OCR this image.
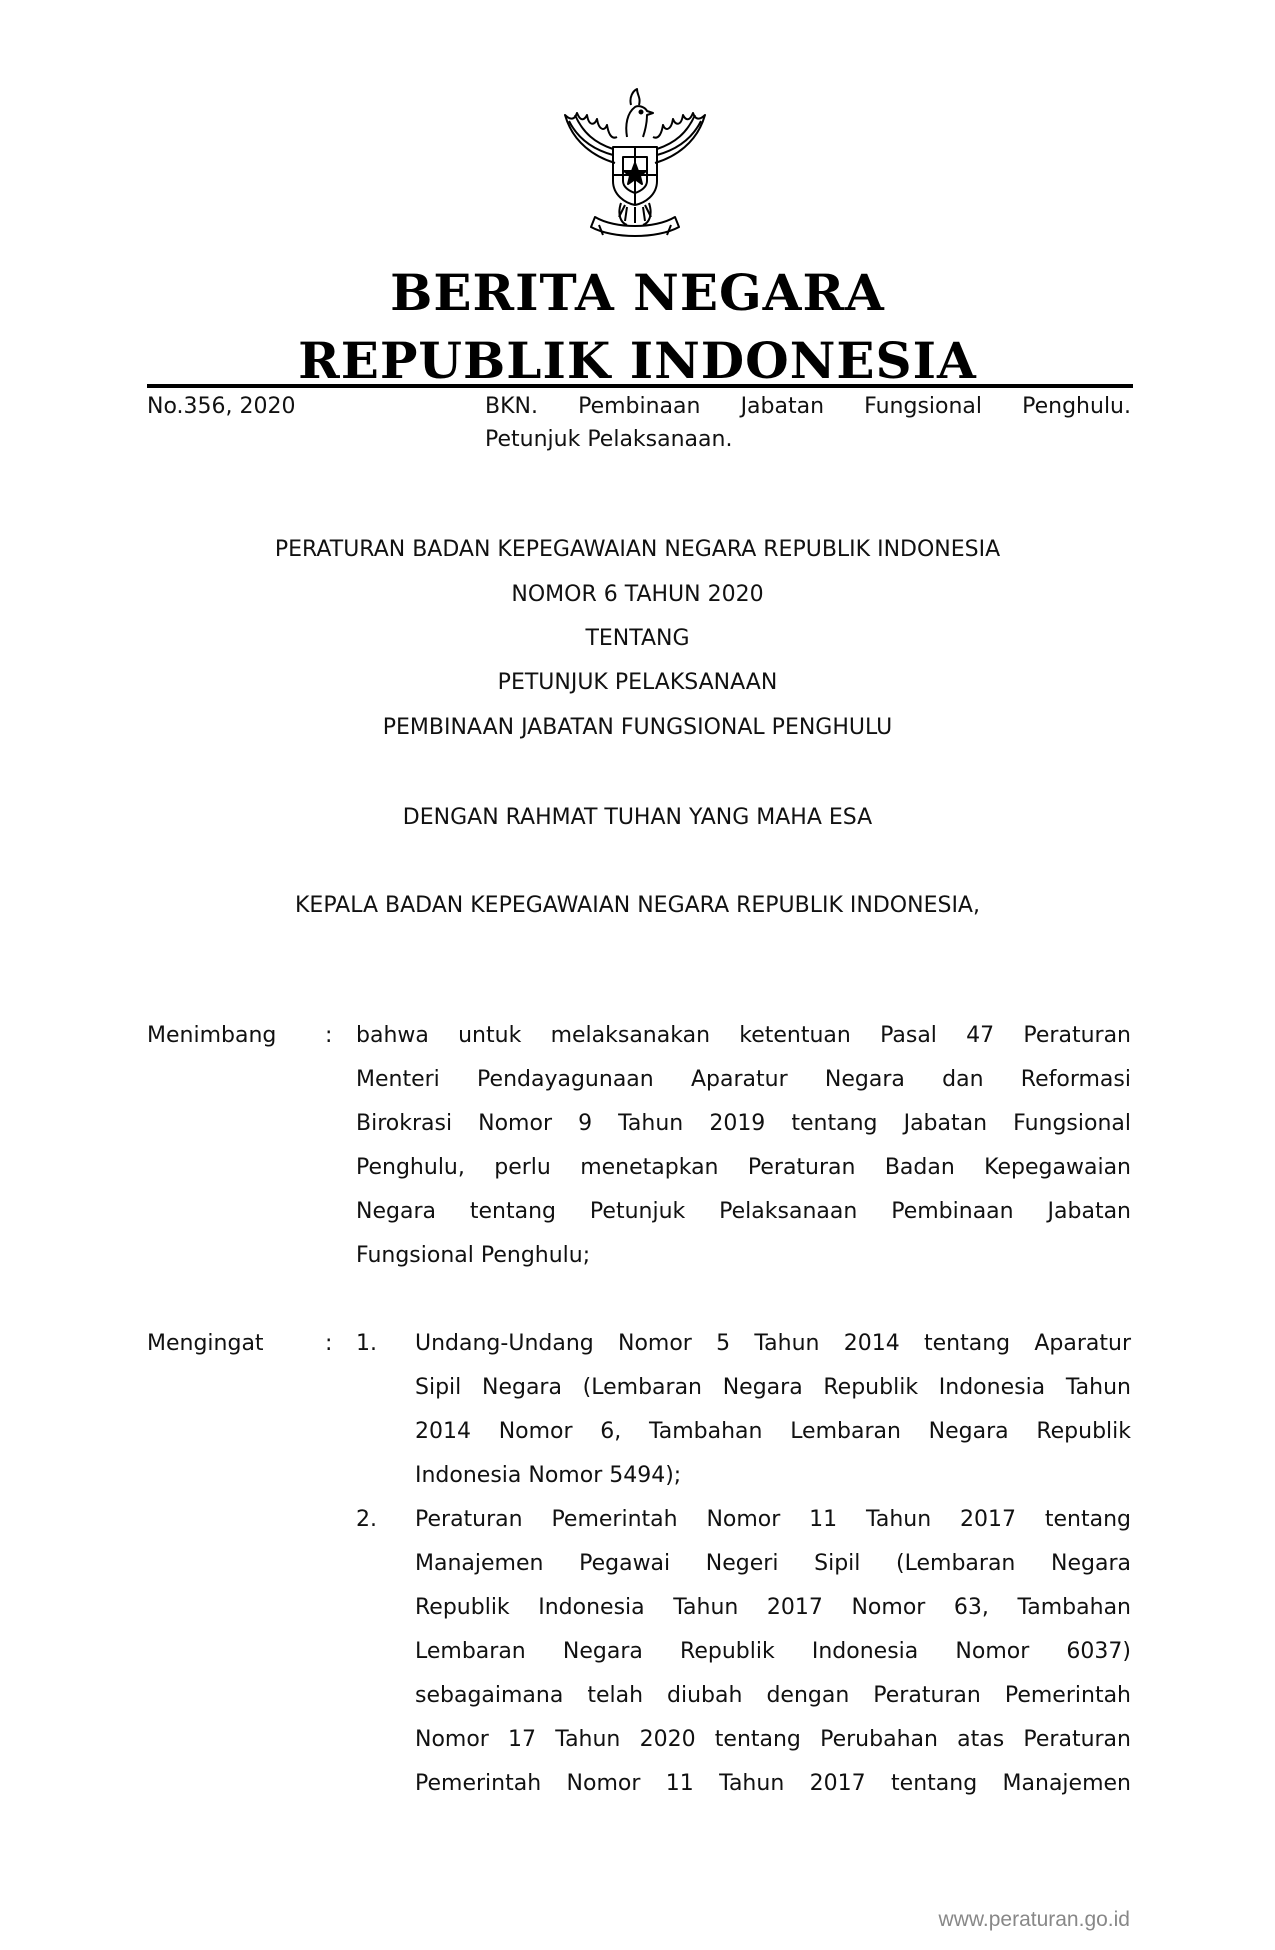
BERITA NEGARA
REPUBLIK INDONESIA
No.356, 2020	BKN. Pembinaan Jabatan Fungsional Penghulu.
Petunjuk Pelaksanaan.
PERATURAN BADAN KEPEGAWAIAN NEGARA REPUBLIK INDONESIA
NOMOR 6 TAHUN 2020
TENTANG
PETUNJUK PELAKSANAAN
PEMBINAAN JABATAN FUNGSIONAL PENGHULU
DENGAN RAHMAT TUHAN YANG MAHA ESA
KEPALA BADAN KEPEGAWAIAN NEGARA REPUBLIK INDONESIA,
Menimbang : bahwa untuk melaksanakan ketentuan Pasal 47 Peraturan
Menteri Pendayagunaan Aparatur Negara dan Reformasi
Birokrasi Nomor 9 Tahun 2019 tentang Jabatan Fungsional
Penghulu, perlu menetapkan Peraturan Badan Kepegawaian
Negara tentang Petunjuk Pelaksanaan Pembinaan Jabatan
Fungsional Penghulu;
Mengingat	: 1. Undang-Undang Nomor 5 Tahun 2014 tentang Aparatur
Sipil Negara (Lembaran Negara Republik Indonesia Tahun
2014 Nomor 6, Tambahan Lembaran Negara Republik
Indonesia Nomor 5494);
2. Peraturan Pemerintah Nomor 11 Tahun 2017 tentang
Manajemen Pegawai Negeri Sipil (Lembaran Negara
Republik Indonesia Tahun 2017 Nomor 63, Tambahan
Lembaran Negara Republik Indonesia Nomor 6037)
sebagaimana telah diubah dengan Peraturan Pemerintah
Nomor 17 Tahun 2020 tentang Perubahan atas Peraturan
Pemerintah Nomor 11 Tahun 2017 tentang Manajemen
www.peraturan.go.id
